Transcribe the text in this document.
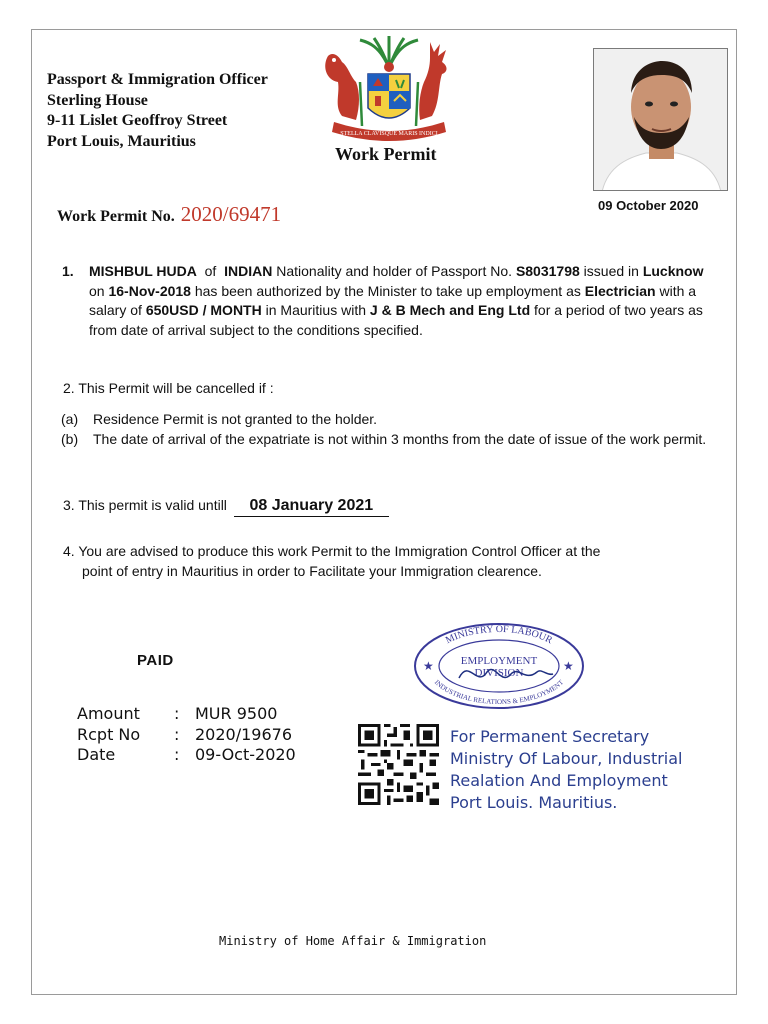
Passport & Immigration Officer
Sterling House
9-11 Lislet Geoffroy Street
Port Louis, Mauritius	STELLA CLAVISQUE MARIS INDICI
Work Permit
09 October 2020
Work Permit No. 2020/69471
1. MISHBUL HUDA of INDIAN Nationality and holder of Passport No. S8031798 issued in Lucknow on 16-Nov-2018 has been authorized by the Minister to take up employment as Electrician with a salary of 650USD / MONTH in Mauritius with J & B Mech and Eng Ltd for a period of two years as from date of arrival subject to the conditions specified.
2. This Permit will be cancelled if :
(a) Residence Permit is not granted to the holder.
(b) The date of arrival of the expatriate is not within 3 months from the date of issue of the work permit.
3. This permit is valid untill 08 January 2021
4. You are advised to produce this work Permit to the Immigration Control Officer at the
point of entry in Mauritius in order to Facilitate your Immigration clearence.
PAID
Amount	:	MUR 9500
Rcpt No	:	2020/19676
Date	:	09-Oct-2020
MINISTRY OF LABOUR
INDUSTRIAL RELATIONS & EMPLOYMENT
EMPLOYMENT
DIVISION
★	★
For Permanent Secretary
Ministry Of Labour, Industrial
Realation And Employment
Port Louis. Mauritius.
Ministry of Home Affair & Immigration
